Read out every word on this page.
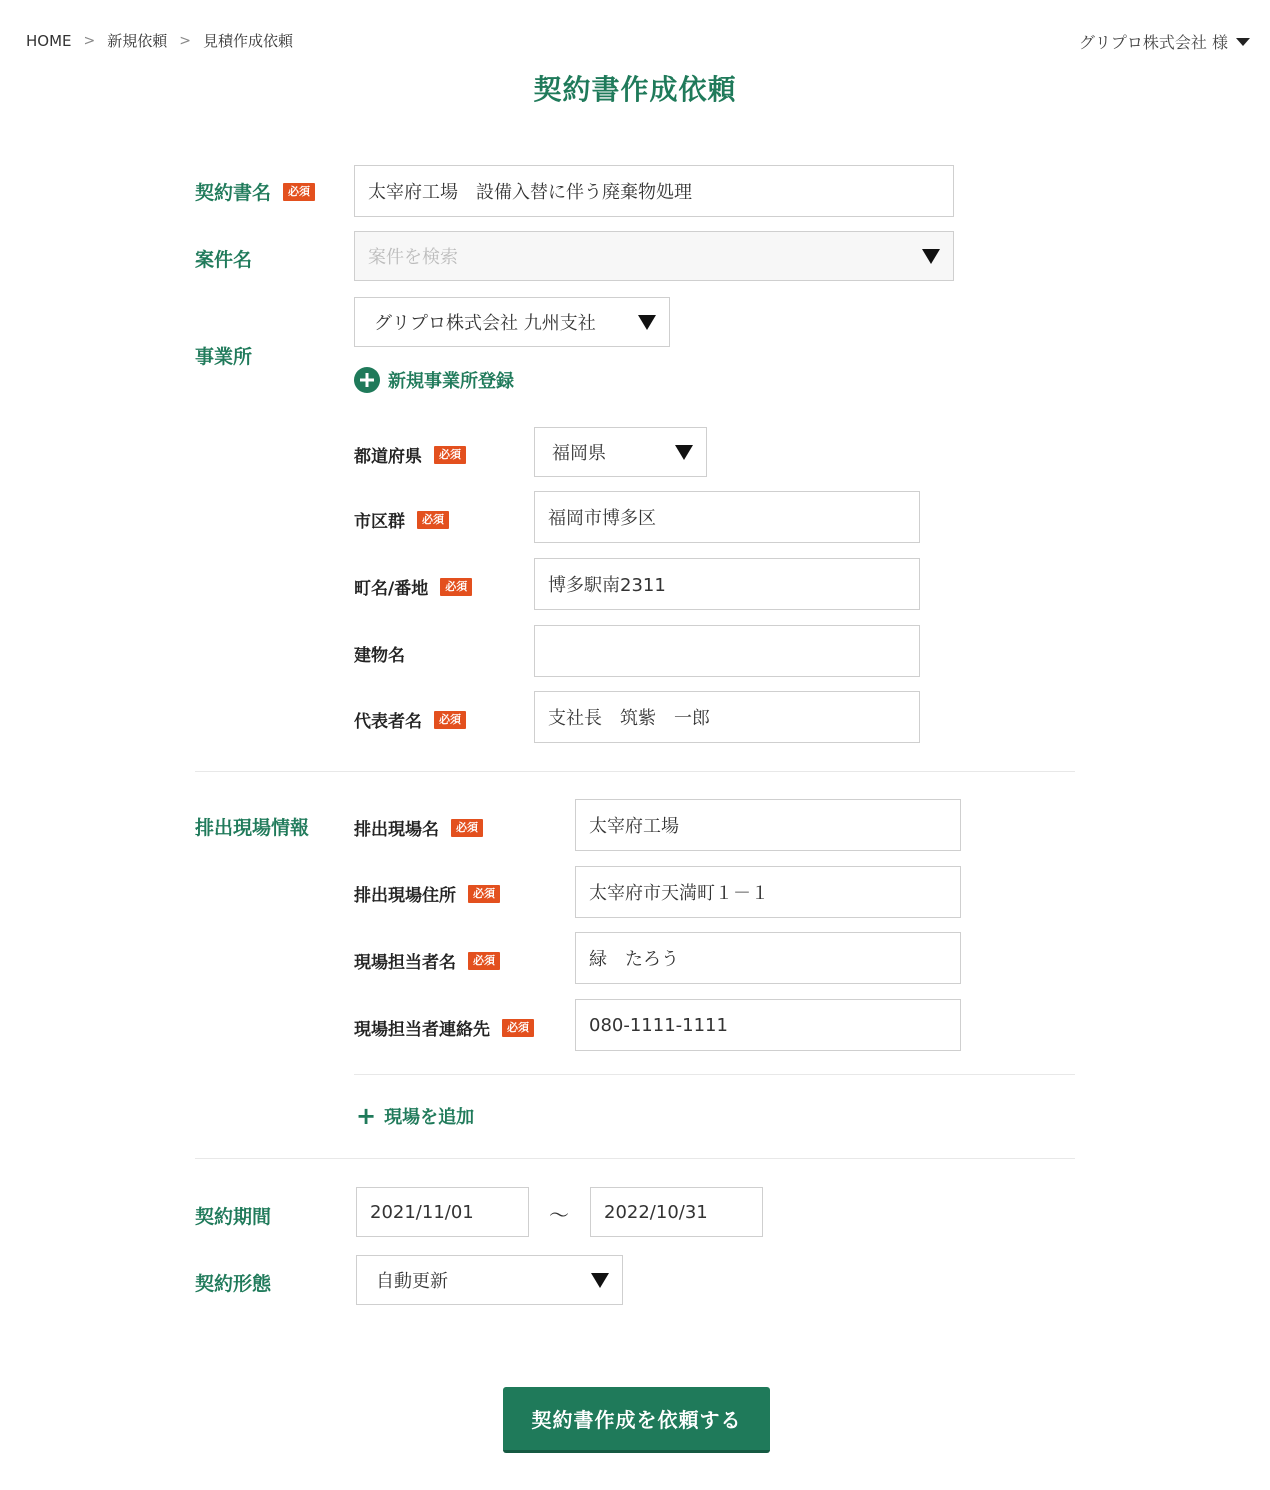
HOME > 新規依頼 > 見積作成依頼	グリプロ株式会社 様
契約書作成依頼
契約書名	必須	太宰府工場　設備入替に伴う廃棄物処理
案件名	案件を検索
事業所
グリプロ株式会社 九州支社
新規事業所登録
都道府県	必須	福岡県
市区群	必須	福岡市博多区
町名/番地	必須	博多駅南2311
建物名
代表者名	必須	支社長　筑紫　一郎
排出現場情報	排出現場名	必須	太宰府工場
排出現場住所	必須	太宰府市天満町１－１
現場担当者名	必須	緑　たろう
現場担当者連絡先	必須	080-1111-1111
+ 現場を追加
契約期間	2021/11/01	～ 2022/10/31
契約形態	自動更新
契約書作成を依頼する
